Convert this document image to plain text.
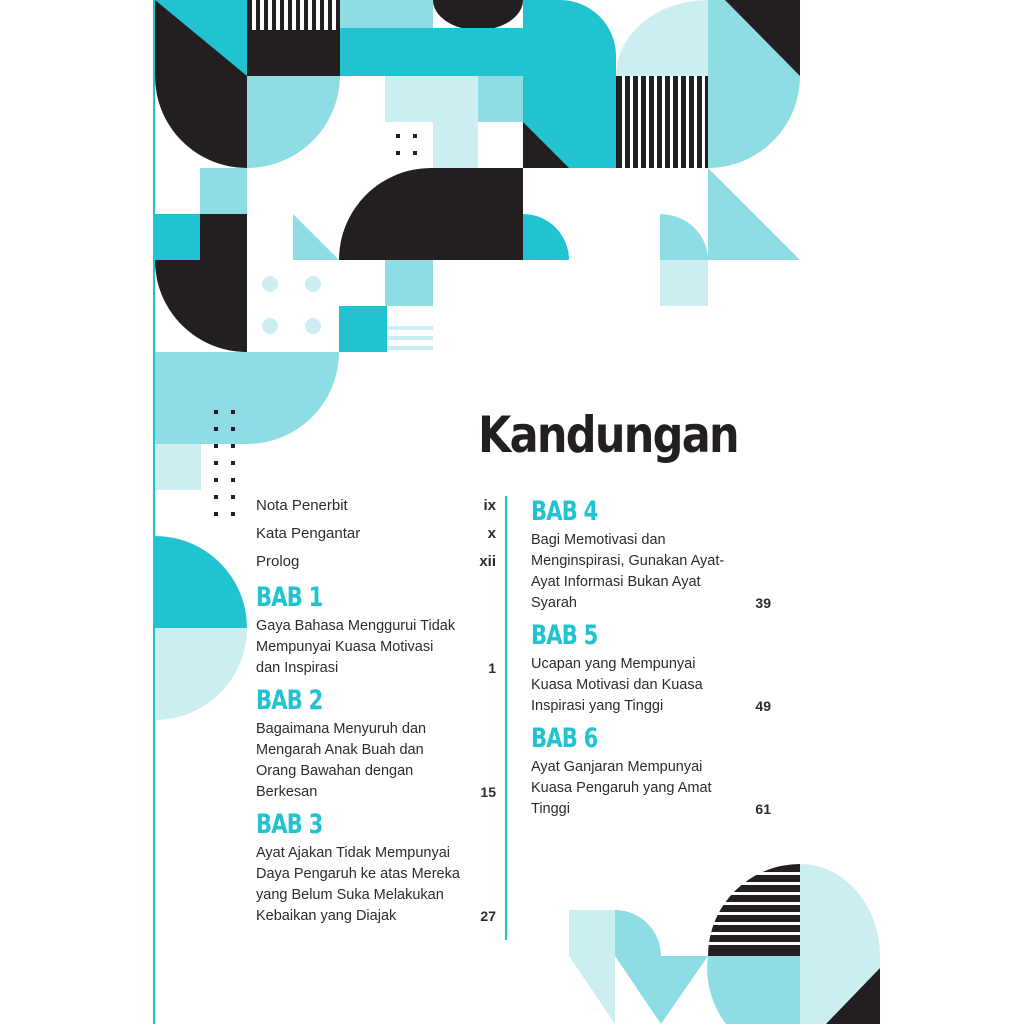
Kandungan
Nota Penerbit	ix
Kata Pengantar	x
Prolog	xii
BAB 1
Gaya Bahasa Menggurui Tidak Mempunyai Kuasa Motivasi dan Inspirasi	1
BAB 2
Bagaimana Menyuruh dan Mengarah Anak Buah dan Orang Bawahan dengan Berkesan	15
BAB 3
Ayat Ajakan Tidak Mempunyai Daya Pengaruh ke atas Mereka yang Belum Suka Melakukan Kebaikan yang Diajak	27
BAB 4
Bagi Memotivasi dan Menginspirasi, Gunakan Ayat-Ayat Informasi Bukan Ayat Syarah	39
BAB 5
Ucapan yang Mempunyai Kuasa Motivasi dan Kuasa Inspirasi yang Tinggi	49
BAB 6
Ayat Ganjaran Mempunyai Kuasa Pengaruh yang Amat Tinggi	61
